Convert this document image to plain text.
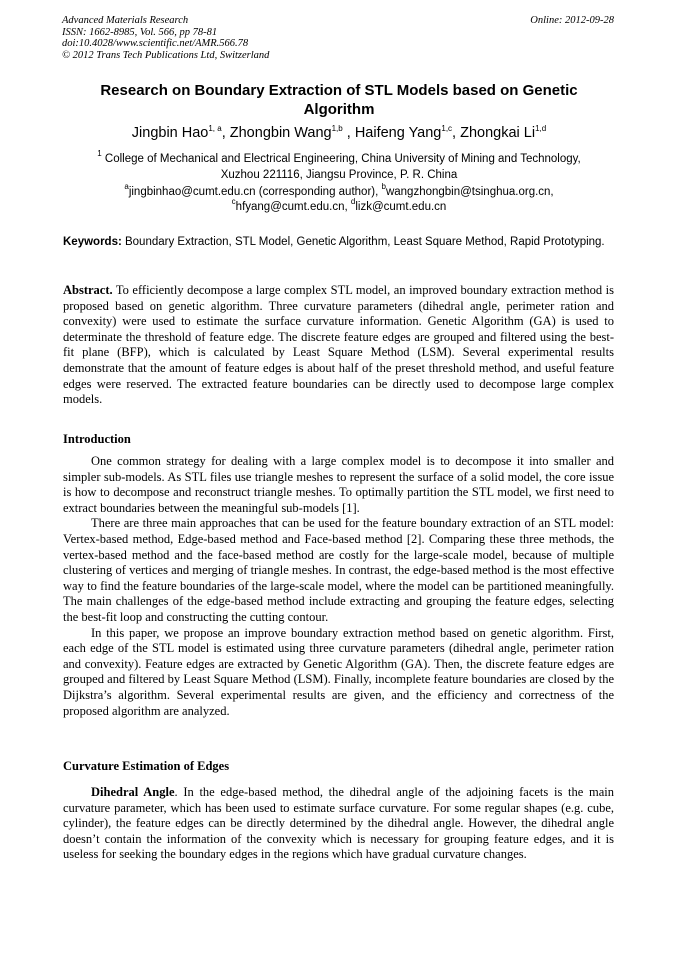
Advanced Materials Research
ISSN: 1662-8985, Vol. 566, pp 78-81
doi:10.4028/www.scientific.net/AMR.566.78
© 2012 Trans Tech Publications Ltd, Switzerland
Online: 2012-09-28
Research on Boundary Extraction of STL Models based on Genetic
Algorithm
Jingbin Hao$^{1, a}$, Zhongbin Wang$^{1,b}$ , Haifeng Yang$^{1,c}$, Zhongkai Li$^{1,d}$
$^1$ College of Mechanical and Electrical Engineering, China University of Mining and Technology,
Xuzhou 221116, Jiangsu Province, P. R. China
$^a$jingbinhao@cumt.edu.cn (corresponding author), $^b$wangzhongbin@tsinghua.org.cn,
$^c$hfyang@cumt.edu.cn, $^d$lizk@cumt.edu.cn
Keywords: Boundary Extraction, STL Model, Genetic Algorithm, Least Square Method, Rapid Prototyping.
Abstract. To efficiently decompose a large complex STL model, an improved boundary extraction method is proposed based on genetic algorithm. Three curvature parameters (dihedral angle, perimeter ration and convexity) were used to estimate the surface curvature information. Genetic Algorithm (GA) is used to determinate the threshold of feature edge. The discrete feature edges are grouped and filtered using the best-fit plane (BFP), which is calculated by Least Square Method (LSM). Several experimental results demonstrate that the amount of feature edges is about half of the preset threshold method, and useful feature edges were reserved. The extracted feature boundaries can be directly used to decompose large complex models.
Introduction

One common strategy for dealing with a large complex model is to decompose it into smaller and simpler sub-models. As STL files use triangle meshes to represent the surface of a solid model, the core issue is how to decompose and reconstruct triangle meshes. To optimally partition the STL model, we first need to extract boundaries between the meaningful sub-models [1].

There are three main approaches that can be used for the feature boundary extraction of an STL model: Vertex-based method, Edge-based method and Face-based method [2]. Comparing these three methods, the vertex-based method and the face-based method are costly for the large-scale model, because of multiple clustering of vertices and merging of triangle meshes. In contrast, the edge-based method is the most effective way to find the feature boundaries of the large-scale model, where the model can be partitioned meaningfully. The main challenges of the edge-based method include extracting and grouping the feature edges, selecting the best-fit loop and constructing the cutting contour.

In this paper, we propose an improve boundary extraction method based on genetic algorithm. First, each edge of the STL model is estimated using three curvature parameters (dihedral angle, perimeter ration and convexity). Feature edges are extracted by Genetic Algorithm (GA). Then, the discrete feature edges are grouped and filtered by Least Square Method (LSM). Finally, incomplete feature boundaries are closed by the Dijkstra’s algorithm. Several experimental results are given, and the efficiency and correctness of the proposed algorithm are analyzed.

Curvature Estimation of Edges

Dihedral Angle. In the edge-based method, the dihedral angle of the adjoining facets is the main curvature parameter, which has been used to estimate surface curvature. For some regular shapes (e.g. cube, cylinder), the feature edges can be directly determined by the dihedral angle. However, the dihedral angle doesn’t contain the information of the convexity which is necessary for grouping feature edges, and it is useless for seeking the boundary edges in the regions which have gradual curvature changes.
